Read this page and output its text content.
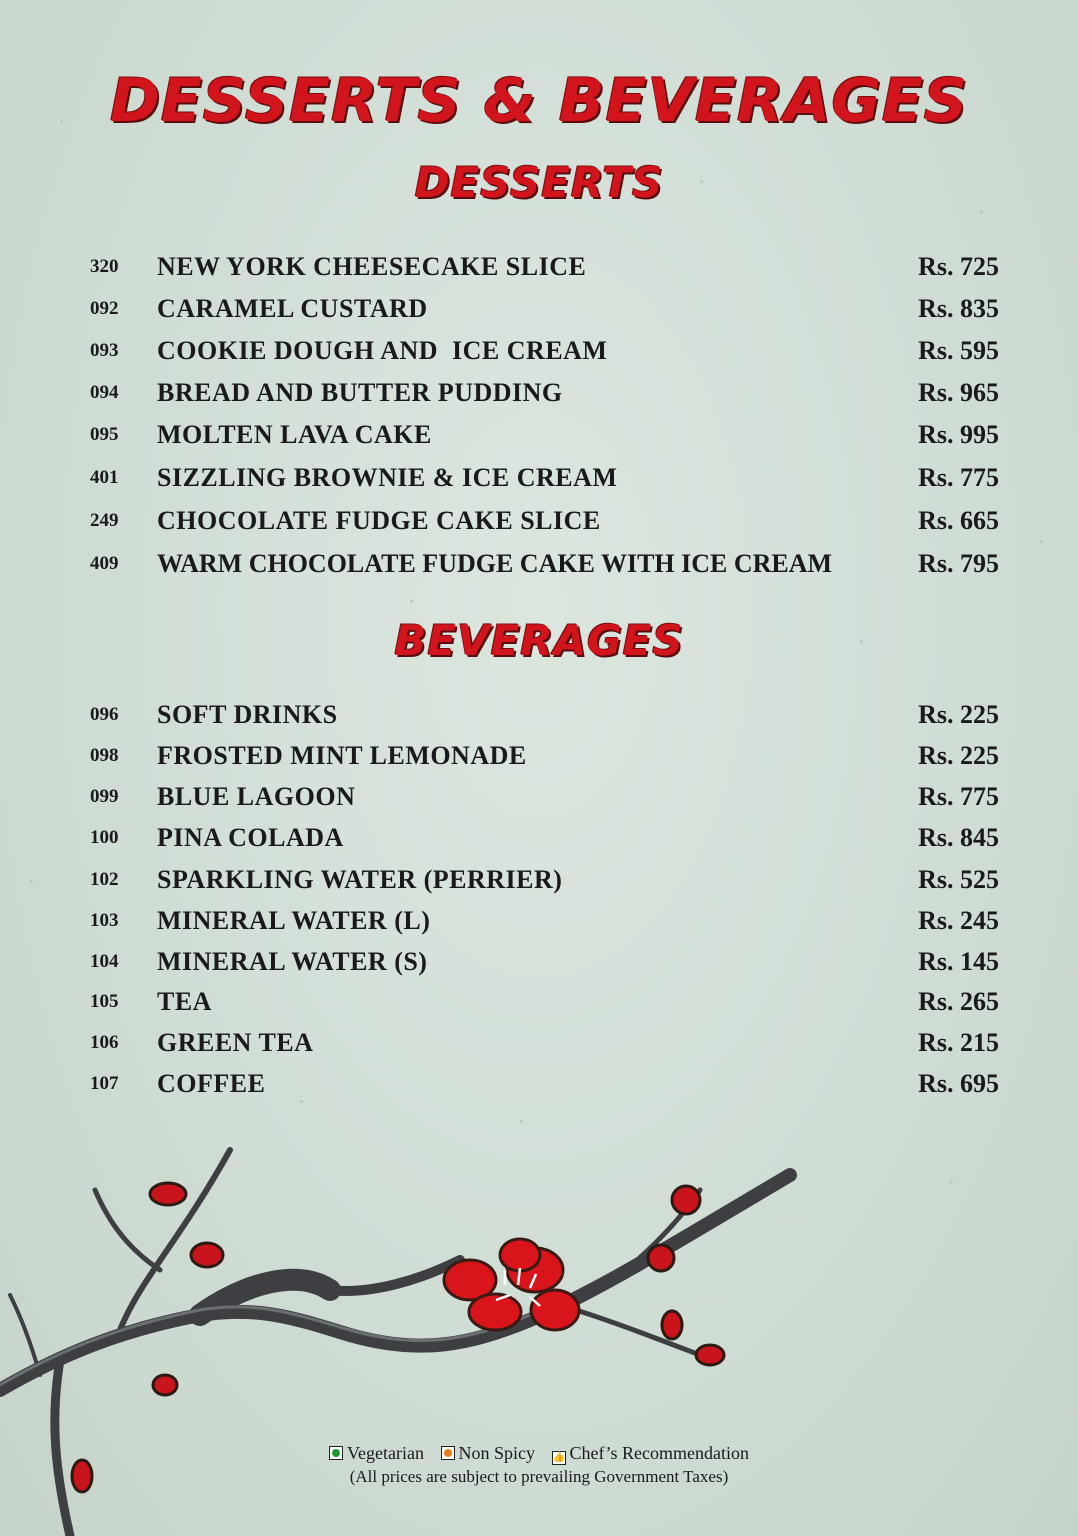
DESSERTS & BEVERAGES
DESSERTS
320 NEW YORK CHEESECAKE SLICE	Rs. 725
092 CARAMEL CUSTARD	Rs. 835
093 COOKIE DOUGH AND  ICE CREAM	Rs. 595
094 BREAD AND BUTTER PUDDING	Rs. 965
095 MOLTEN LAVA CAKE	Rs. 995
401 SIZZLING BROWNIE & ICE CREAM	Rs. 775
249 CHOCOLATE FUDGE CAKE SLICE	Rs. 665
409 WARM CHOCOLATE FUDGE CAKE WITH ICE CREAM	Rs. 795
BEVERAGES
096 SOFT DRINKS	Rs. 225
098 FROSTED MINT LEMONADE	Rs. 225
099 BLUE LAGOON	Rs. 775
100 PINA COLADA	Rs. 845
102 SPARKLING WATER (PERRIER)	Rs. 525
103 MINERAL WATER (L)	Rs. 245
104 MINERAL WATER (S)	Rs. 145
105 TEA	Rs. 265
106 GREEN TEA	Rs. 215
107 COFFEE	Rs. 695
Vegetarian Non Spicy 👍 Chef’s Recommendation
(All prices are subject to prevailing Government Taxes)
